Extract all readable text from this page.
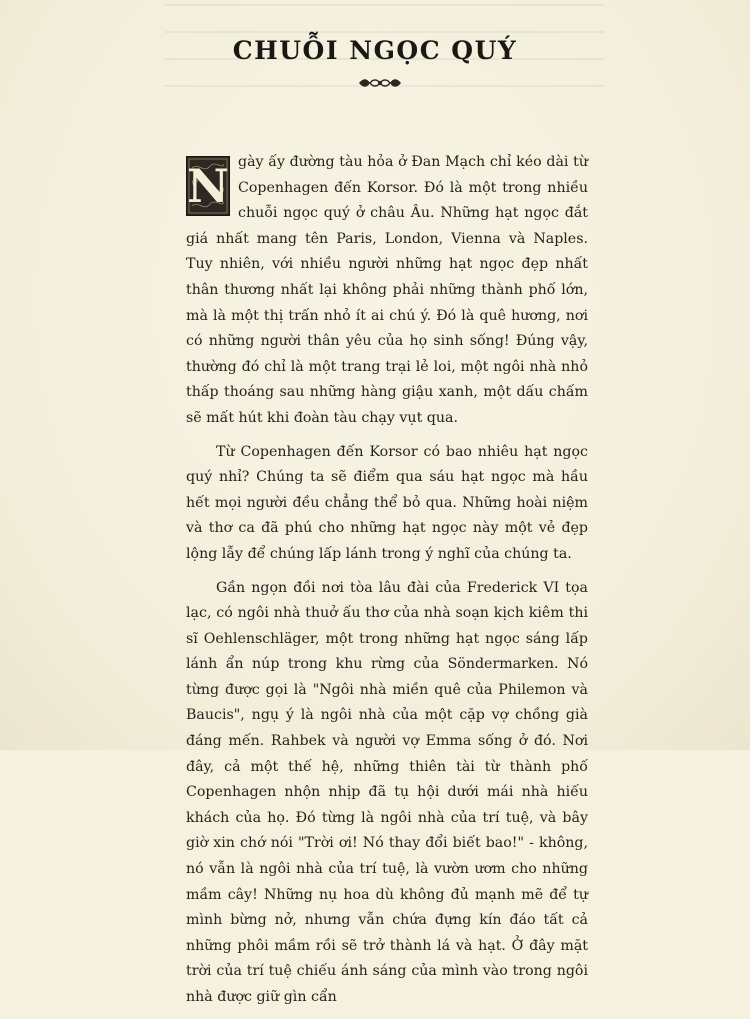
CHUỖI NGỌC QUÝ

N gày ấy đường tàu hỏa ở Đan Mạch chỉ kéo dài từ Copenhagen đến Korsor. Đó là một trong nhiều chuỗi ngọc quý ở châu Âu. Những hạt ngọc đắt giá nhất mang tên Paris, London, Vienna và Naples. Tuy nhiên, với nhiều người những hạt ngọc đẹp nhất thân thương nhất lại không phải những thành phố lớn, mà là một thị trấn nhỏ ít ai chú ý. Đó là quê hương, nơi có những người thân yêu của họ sinh sống! Đúng vậy, thường đó chỉ là một trang trại lẻ loi, một ngôi nhà nhỏ thấp thoáng sau những hàng giậu xanh, một dấu chấm sẽ mất hút khi đoàn tàu chạy vụt qua.

Từ Copenhagen đến Korsor có bao nhiêu hạt ngọc quý nhỉ? Chúng ta sẽ điểm qua sáu hạt ngọc mà hầu hết mọi người đều chẳng thể bỏ qua. Những hoài niệm và thơ ca đã phú cho những hạt ngọc này một vẻ đẹp lộng lẫy để chúng lấp lánh trong ý nghĩ của chúng ta.

Gần ngọn đồi nơi tòa lâu đài của Frederick VI tọa lạc, có ngôi nhà thuở ấu thơ của nhà soạn kịch kiêm thi sĩ Oehlenschläger, một trong những hạt ngọc sáng lấp lánh ẩn núp trong khu rừng của Söndermarken. Nó từng được gọi là "Ngôi nhà miền quê của Philemon và Baucis", ngụ ý là ngôi nhà của một cặp vợ chồng già đáng mến. Rahbek và người vợ Emma sống ở đó. Nơi đây, cả một thế hệ, những thiên tài từ thành phố Copenhagen nhộn nhịp đã tụ hội dưới mái nhà hiếu khách của họ. Đó từng là ngôi nhà của trí tuệ, và bây giờ xin chớ nói "Trời ơi! Nó thay đổi biết bao!" - không, nó vẫn là ngôi nhà của trí tuệ, là vườn ươm cho những mầm cây! Những nụ hoa dù không đủ mạnh mẽ để tự mình bừng nở, nhưng vẫn chứa đựng kín đáo tất cả những phôi mầm rồi sẽ trở thành lá và hạt. Ở đây mặt trời của trí tuệ chiếu ánh sáng của mình vào trong ngôi nhà được giữ gìn cẩn
